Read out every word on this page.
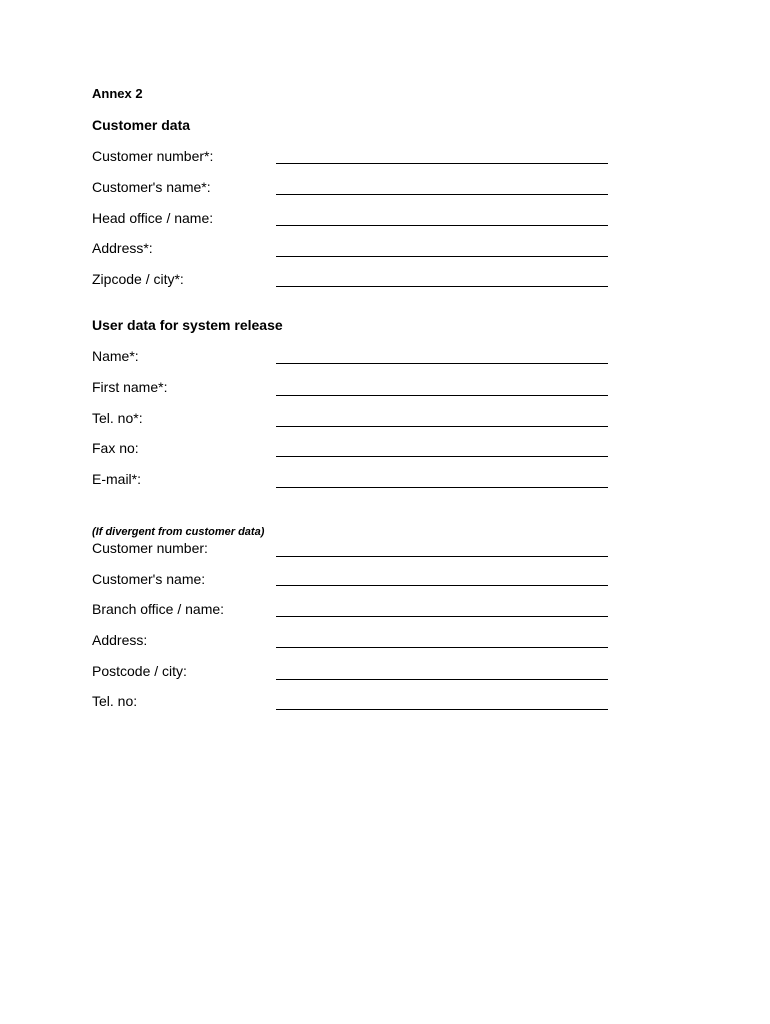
Annex 2
Customer data
Customer number*:
Customer's name*:
Head office / name:
Address*:
Zipcode / city*:
User data for system release
Name*:
First name*:
Tel. no*:
Fax no:
E-mail*:
(If divergent from customer data)
Customer number:
Customer's name:
Branch office / name:
Address:
Postcode / city:
Tel. no:
